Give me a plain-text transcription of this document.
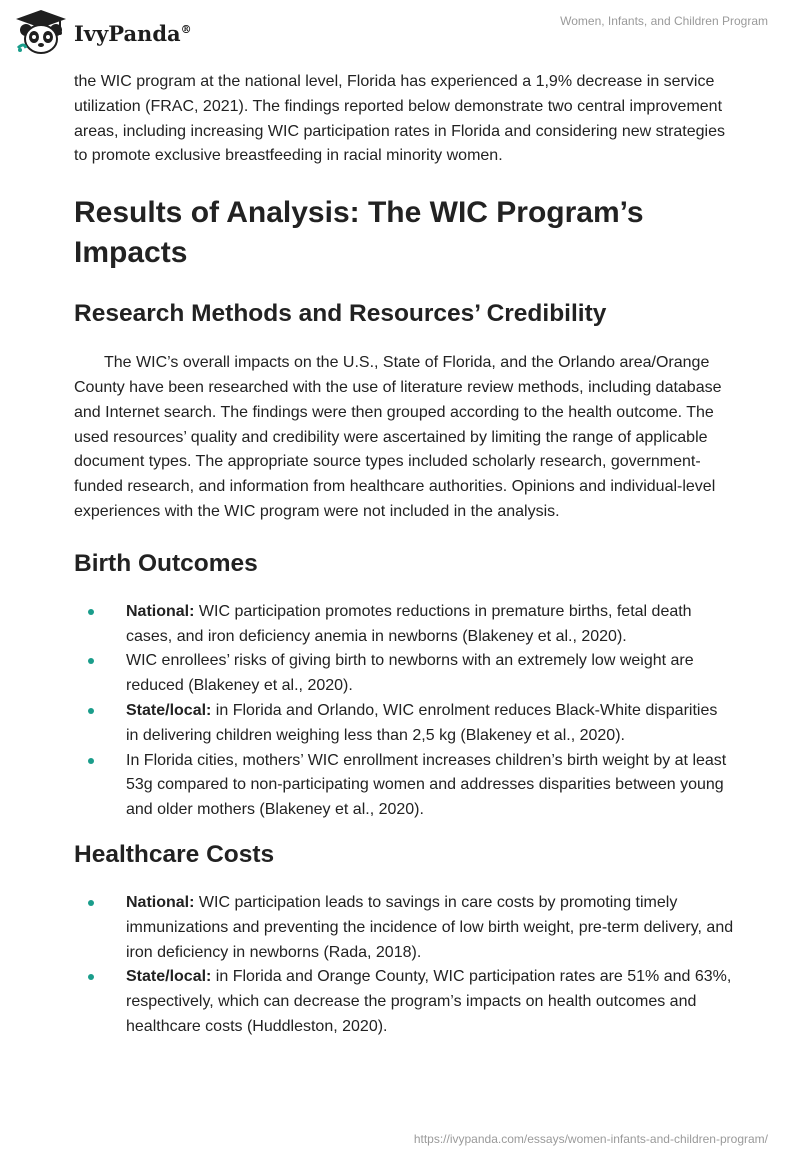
IvyPanda®
Women, Infants, and Children Program

the WIC program at the national level, Florida has experienced a 1,9% decrease in service utilization (FRAC, 2021). The findings reported below demonstrate two central improvement areas, including increasing WIC participation rates in Florida and considering new strategies to promote exclusive breastfeeding in racial minority women.

Results of Analysis: The WIC Program’s Impacts
Research Methods and Resources’ Credibility

The WIC’s overall impacts on the U.S., State of Florida, and the Orlando area/Orange County have been researched with the use of literature review methods, including database and Internet search. The findings were then grouped according to the health outcome. The used resources’ quality and credibility were ascertained by limiting the range of applicable document types. The appropriate source types included scholarly research, government-funded research, and information from healthcare authorities. Opinions and individual-level experiences with the WIC program were not included in the analysis.

Birth Outcomes
National: WIC participation promotes reductions in premature births, fetal death cases, and iron deficiency anemia in newborns (Blakeney et al., 2020).
WIC enrollees’ risks of giving birth to newborns with an extremely low weight are reduced (Blakeney et al., 2020).
State/local: in Florida and Orlando, WIC enrolment reduces Black-White disparities in delivering children weighing less than 2,5 kg (Blakeney et al., 2020).
In Florida cities, mothers’ WIC enrollment increases children’s birth weight by at least 53g compared to non-participating women and addresses disparities between young and older mothers (Blakeney et al., 2020).
Healthcare Costs
National: WIC participation leads to savings in care costs by promoting timely immunizations and preventing the incidence of low birth weight, pre-term delivery, and iron deficiency in newborns (Rada, 2018).
State/local: in Florida and Orange County, WIC participation rates are 51% and 63%, respectively, which can decrease the program’s impacts on health outcomes and healthcare costs (Huddleston, 2020).
https://ivypanda.com/essays/women-infants-and-children-program/
